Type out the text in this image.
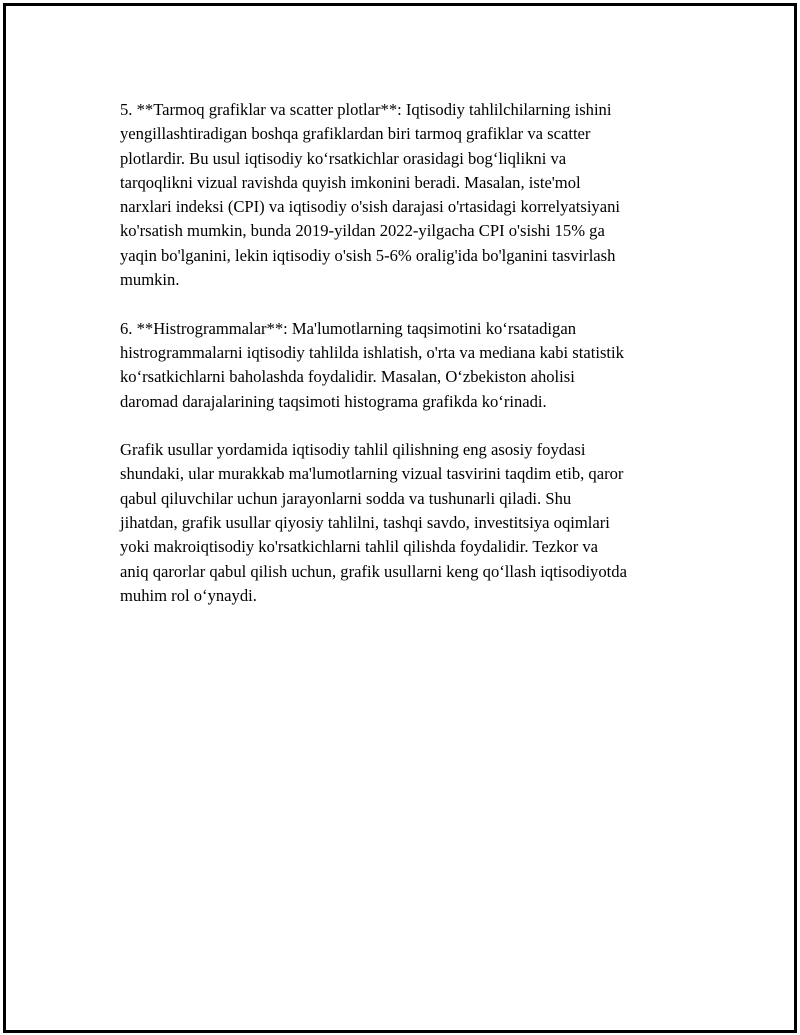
5. **Tarmoq grafiklar va scatter plotlar**: Iqtisodiy tahlilchilarning ishini
yengillashtiradigan boshqa grafiklardan biri tarmoq grafiklar va scatter
plotlardir. Bu usul iqtisodiy ko‘rsatkichlar orasidagi bog‘liqlikni va
tarqoqlikni vizual ravishda quyish imkonini beradi. Masalan, iste'mol
narxlari indeksi (CPI) va iqtisodiy o'sish darajasi o'rtasidagi korrelyatsiyani
ko'rsatish mumkin, bunda 2019-yildan 2022-yilgacha CPI o'sishi 15% ga
yaqin bo'lganini, lekin iqtisodiy o'sish 5-6% oralig'ida bo'lganini tasvirlash
mumkin.

6. **Histrogrammalar**: Ma'lumotlarning taqsimotini ko‘rsatadigan
histrogrammalarni iqtisodiy tahlilda ishlatish, o'rta va mediana kabi statistik
ko‘rsatkichlarni baholashda foydalidir. Masalan, O‘zbekiston aholisi
daromad darajalarining taqsimoti histograma grafikda ko‘rinadi.

Grafik usullar yordamida iqtisodiy tahlil qilishning eng asosiy foydasi
shundaki, ular murakkab ma'lumotlarning vizual tasvirini taqdim etib, qaror
qabul qiluvchilar uchun jarayonlarni sodda va tushunarli qiladi. Shu
jihatdan, grafik usullar qiyosiy tahlilni, tashqi savdo, investitsiya oqimlari
yoki makroiqtisodiy ko'rsatkichlarni tahlil qilishda foydalidir. Tezkor va
aniq qarorlar qabul qilish uchun, grafik usullarni keng qo‘llash iqtisodiyotda
muhim rol o‘ynaydi.
